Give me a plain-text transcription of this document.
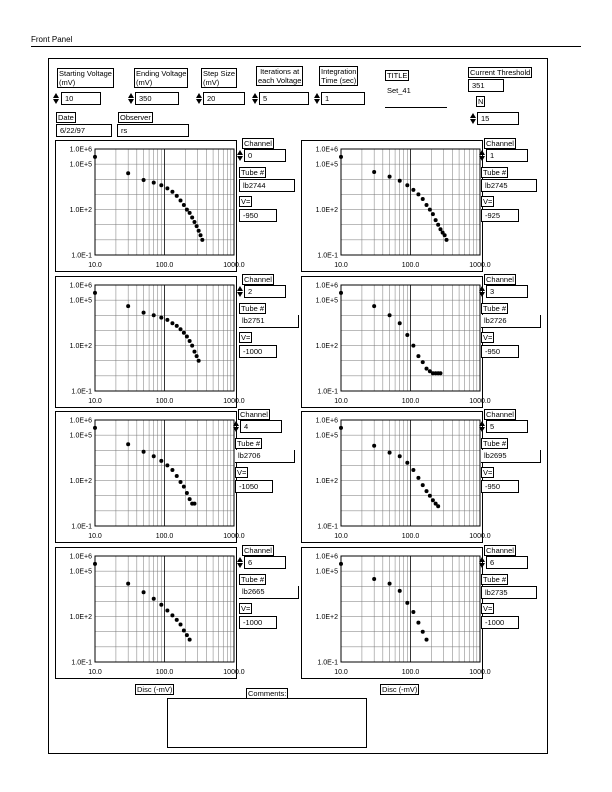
Front Panel
Starting Voltage
(mV)
10
Ending Voltage
(mV)
350
Step Size
(mV)
20
Iterations at
each Voltage
5
Integration
Time (sec)
1
TITLE
Set_41
Current Threshold
351
N
15
Date
6/22/97
Observer
rs
1.0E+6
1.0E+5
1.0E+2
1.0E-1
10.0	100.0	1000.0
Channel
0
Tube #
lb2744
V=
-950
1.0E+6
1.0E+5
1.0E+2
1.0E-1
10.0	100.0	1000.0
Channel
1
Tube #
lb2745
V=
-925
1.0E+6
1.0E+5
1.0E+2
1.0E-1
10.0	100.0	1000.0
Channel
2
Tube #
lb2751
V=
-1000
1.0E+6
1.0E+5
1.0E+2
1.0E-1
10.0	100.0	1000.0
Channel
3
Tube #
lb2726
V=
-950
1.0E+6
1.0E+5
1.0E+2
1.0E-1
10.0	100.0	1000.0
Channel
4
Tube #
lb2706
V=
-1050
1.0E+6
1.0E+5
1.0E+2
1.0E-1
10.0	100.0	1000.0
Channel
5
Tube #
lb2695
V=
-950
1.0E+6
1.0E+5
1.0E+2
1.0E-1
10.0	100.0	1000.0
Channel
6
Tube #
lb2665
V=
-1000
1.0E+6
1.0E+5
1.0E+2
1.0E-1
10.0	100.0	1000.0
Channel
6
Tube #
lb2735
V=
-1000
Disc (-mV)	Disc (-mV)
Comments:
